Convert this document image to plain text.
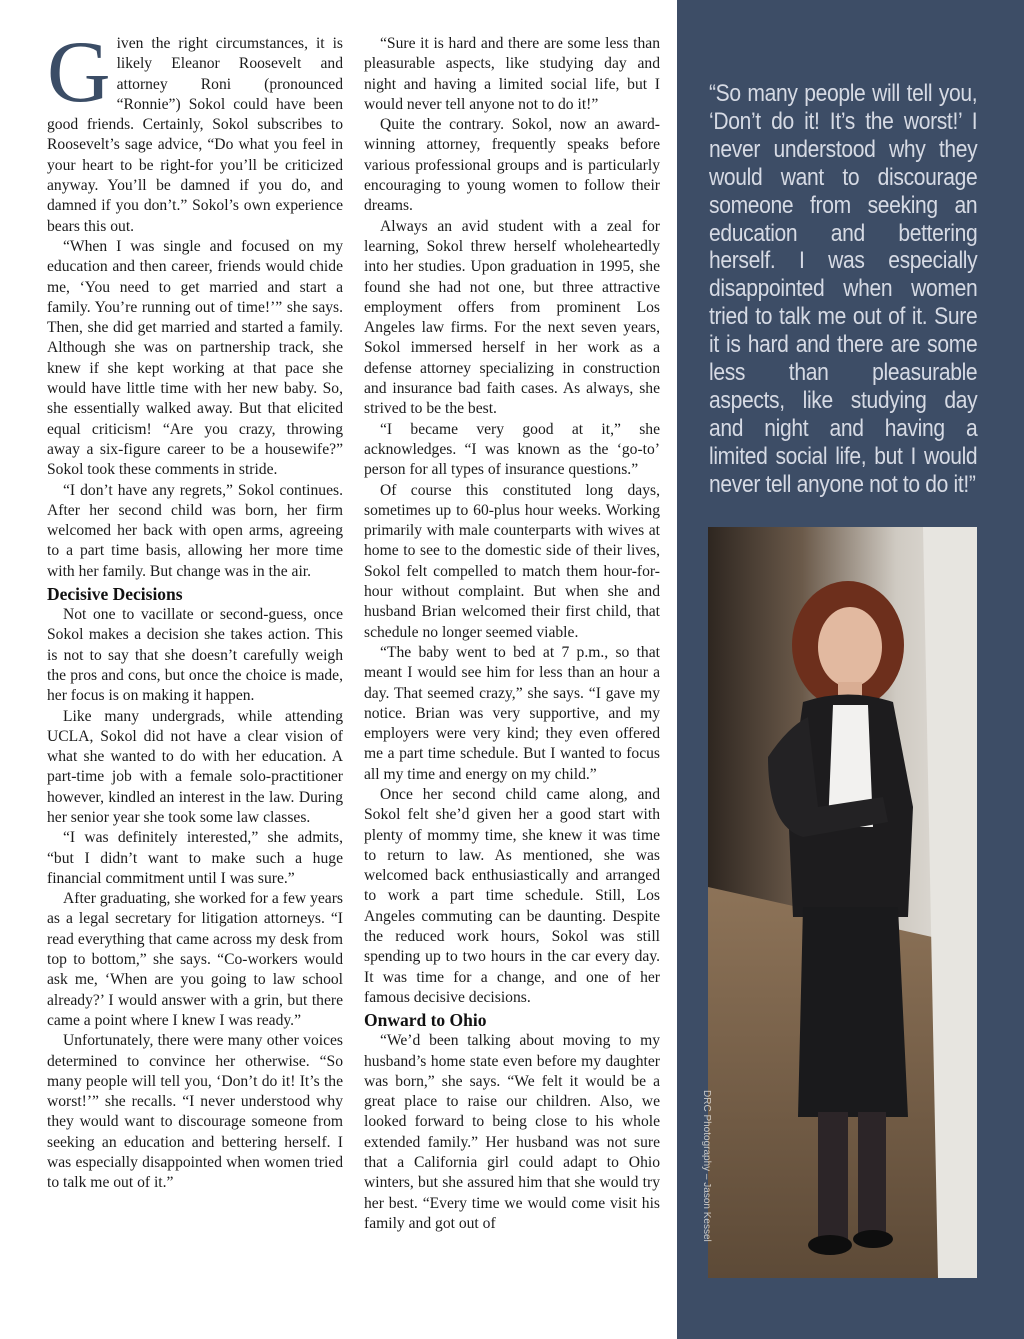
G iven the right circumstances, it is likely Eleanor Roosevelt and attorney Roni (pronounced “Ronnie”) Sokol could have been good friends. Certainly, Sokol subscribes to Roosevelt’s sage advice, “Do what you feel in your heart to be right-for you’ll be criticized anyway. You’ll be damned if you do, and damned if you don’t.” Sokol’s own experience bears this out.

“When I was single and focused on my education and then career, friends would chide me, ‘You need to get married and start a family. You’re running out of time!’” she says. Then, she did get married and started a family. Although she was on partnership track, she knew if she kept working at that pace she would have little time with her new baby. So, she essentially walked away. But that elicited equal criticism! “Are you crazy, throwing away a six-figure career to be a housewife?” Sokol took these comments in stride.

“I don’t have any regrets,” Sokol continues. After her second child was born, her firm welcomed her back with open arms, agreeing to a part time basis, allowing her more time with her family. But change was in the air.

Decisive Decisions

Not one to vacillate or second-guess, once Sokol makes a decision she takes action. This is not to say that she doesn’t carefully weigh the pros and cons, but once the choice is made, her focus is on making it happen.

Like many undergrads, while attending UCLA, Sokol did not have a clear vision of what she wanted to do with her education. A part-time job with a female solo-practitioner however, kindled an interest in the law. During her senior year she took some law classes.

“I was definitely interested,” she admits, “but I didn’t want to make such a huge financial commitment until I was sure.”

After graduating, she worked for a few years as a legal secretary for litigation attorneys. “I read everything that came across my desk from top to bottom,” she says. “Co-workers would ask me, ‘When are you going to law school already?’ I would answer with a grin, but there came a point where I knew I was ready.”

Unfortunately, there were many other voices determined to convince her otherwise. “So many people will tell you, ‘Don’t do it! It’s the worst!’” she recalls. “I never understood why they would want to discourage someone from seeking an education and bettering herself. I was especially disappointed when women tried to talk me out of it.”

“Sure it is hard and there are some less than pleasurable aspects, like studying day and night and having a limited social life, but I would never tell anyone not to do it!”

Quite the contrary. Sokol, now an award-winning attorney, frequently speaks before various professional groups and is particularly encouraging to young women to follow their dreams.

Always an avid student with a zeal for learning, Sokol threw herself wholeheartedly into her studies. Upon graduation in 1995, she found she had not one, but three attractive employment offers from prominent Los Angeles law firms. For the next seven years, Sokol immersed herself in her work as a defense attorney specializing in construction and insurance bad faith cases. As always, she strived to be the best.

“I became very good at it,” she acknowledges. “I was known as the ‘go-to’ person for all types of insurance questions.”

Of course this constituted long days, sometimes up to 60-plus hour weeks. Working primarily with male counterparts with wives at home to see to the domestic side of their lives, Sokol felt compelled to match them hour-for-hour without complaint. But when she and husband Brian welcomed their first child, that schedule no longer seemed viable.

“The baby went to bed at 7 p.m., so that meant I would see him for less than an hour a day. That seemed crazy,” she says. “I gave my notice. Brian was very supportive, and my employers were very kind; they even offered me a part time schedule. But I wanted to focus all my time and energy on my child.”

Once her second child came along, and Sokol felt she’d given her a good start with plenty of mommy time, she knew it was time to return to law. As mentioned, she was welcomed back enthusiastically and arranged to work a part time schedule. Still, Los Angeles commuting can be daunting. Despite the reduced work hours, Sokol was still spending up to two hours in the car every day. It was time for a change, and one of her famous decisive decisions.

Onward to Ohio

“We’d been talking about moving to my husband’s home state even before my daughter was born,” she says. “We felt it would be a great place to raise our children. Also, we looked forward to being close to his whole extended family.” Her husband was not sure that a California girl could adapt to Ohio winters, but she assured him that she would try her best. “Every time we would come visit his family and got out of

“So many people will tell you, ‘Don’t do it! It’s the worst!’ I never understood why they would want to discourage someone from seeking an education and bettering herself. I was especially disappointed when women tried to talk me out of it. Sure it is hard and there are some less than pleasurable aspects, like studying day and night and having a limited social life, but I would never tell anyone not to do it!”
DRC Photography – Jason Kessel
